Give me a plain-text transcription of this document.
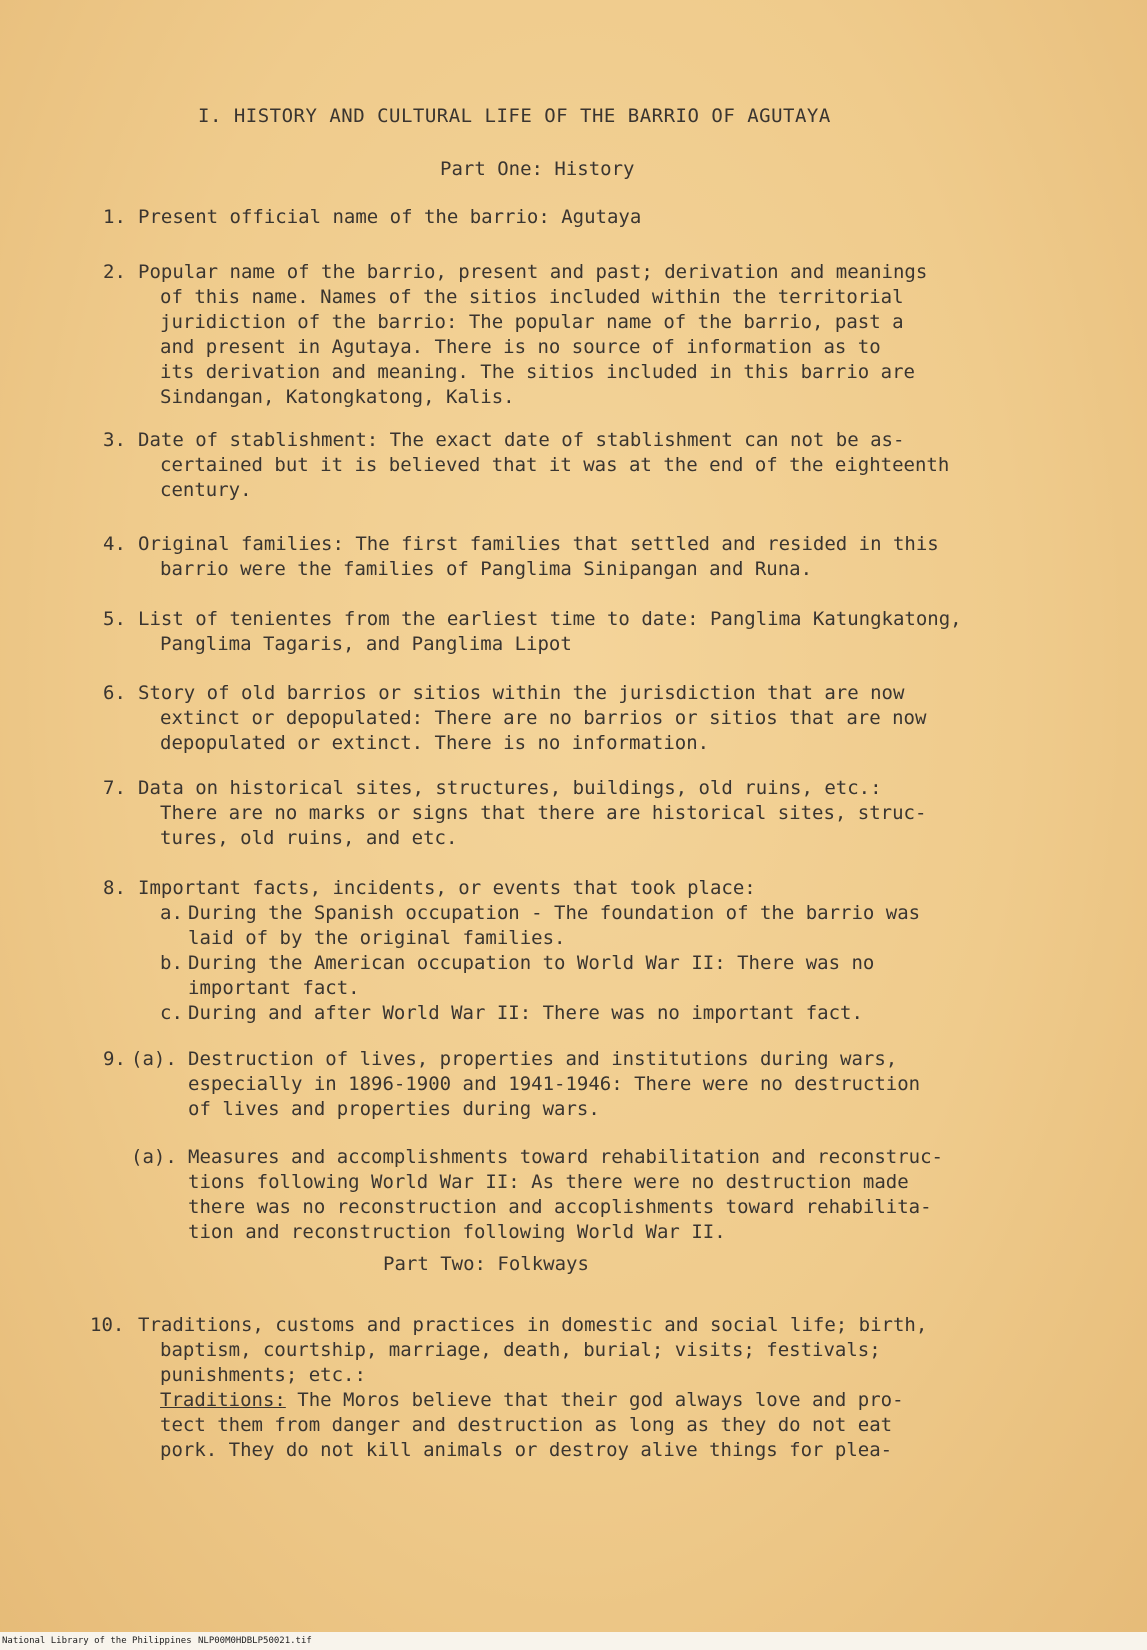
I. HISTORY AND CULTURAL LIFE OF THE BARRIO OF AGUTAYA
Part One: History
1. Present official name of the barrio: Agutaya
2. Popular name of the barrio, present and past; derivation and meanings
of this name. Names of the sitios included within the territorial
juridiction of the barrio: The popular name of the barrio, past a
and present in Agutaya. There is no source of information as to
its derivation and meaning. The sitios included in this barrio are
Sindangan, Katongkatong, Kalis.
3. Date of stablishment: The exact date of stablishment can not be as-
certained but it is believed that it was at the end of the eighteenth
century.
4. Original families: The first families that settled and resided in this
barrio were the families of Panglima Sinipangan and Runa.
5. List of tenientes from the earliest time to date: Panglima Katungkatong,
Panglima Tagaris, and Panglima Lipot
6. Story of old barrios or sitios within the jurisdiction that are now
extinct or depopulated: There are no barrios or sitios that are now
depopulated or extinct. There is no information.
7. Data on historical sites, structures, buildings, old ruins, etc.:
There are no marks or signs that there are historical sites, struc-
tures, old ruins, and etc.
8. Important facts, incidents, or events that took place:
a. During the Spanish occupation - The foundation of the barrio was
laid of by the original families.
b. During the American occupation to World War II: There was no
important fact.
c. During and after World War II: There was no important fact.
9. (a). Destruction of lives, properties and institutions during wars,
especially in 1896-1900 and 1941-1946: There were no destruction
of lives and properties during wars.
(a). Measures and accomplishments toward rehabilitation and reconstruc-
tions following World War II: As there were no destruction made
there was no reconstruction and accoplishments toward rehabilita-
tion and reconstruction following World War II.
Part Two: Folkways
10. Traditions, customs and practices in domestic and social life; birth,
baptism, courtship, marriage, death, burial; visits; festivals;
punishments; etc.:
Traditions: The Moros believe that their god always love and pro-
tect them from danger and destruction as long as they do not eat
pork. They do not kill animals or destroy alive things for plea-
National Library of the Philippines NLP00M0HDBLP50021.tif
